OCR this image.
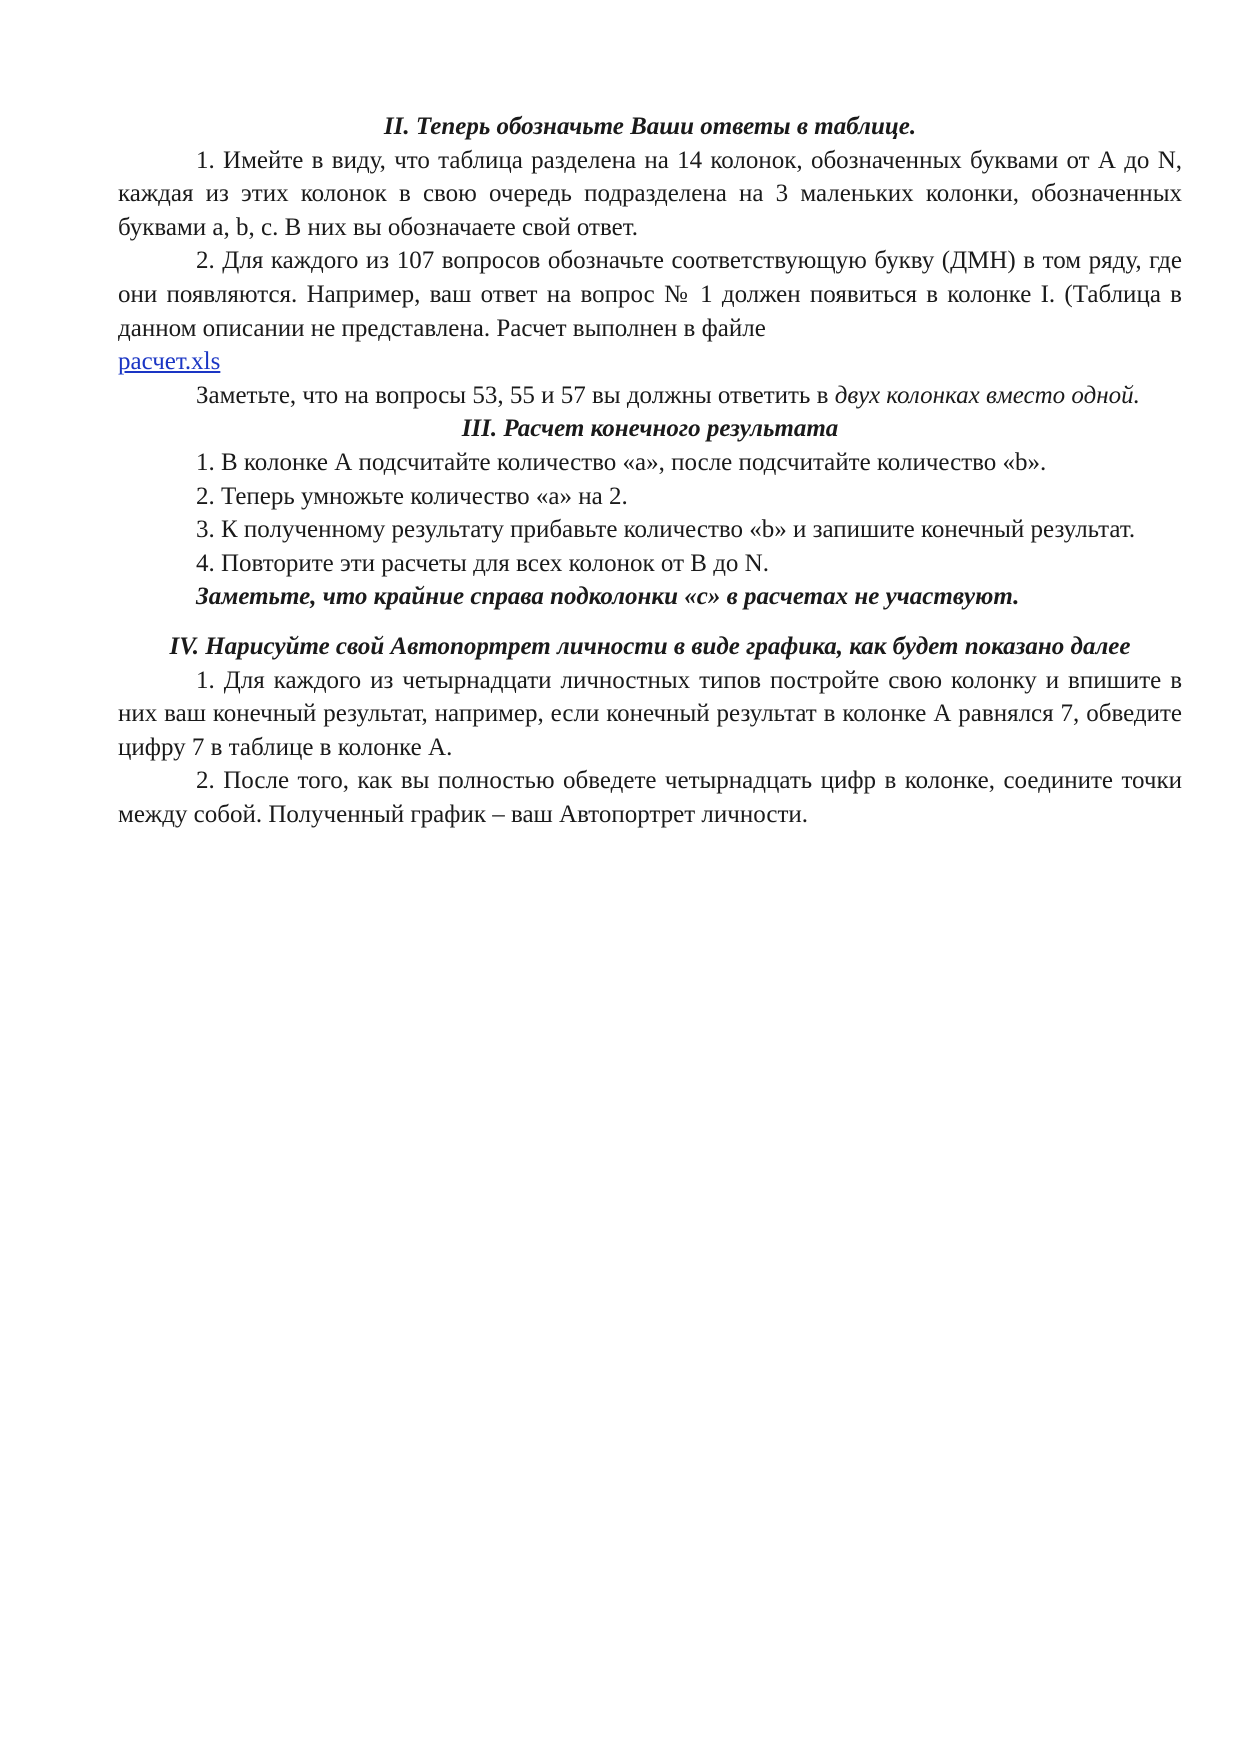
II. Теперь обозначьте Ваши ответы в таблице.

1. Имейте в виду, что таблица разделена на 14 колонок, обозначенных буквами от А до N, каждая из этих колонок в свою очередь подразделена на 3 маленьких колонки, обозначенных буквами a, b, c. В них вы обозначаете свой ответ.

2. Для каждого из 107 вопросов обозначьте соответствующую букву (ДМН) в том ряду, где они появляются. Например, ваш ответ на вопрос № 1 должен появиться в колонке I. (Таблица в данном описании не представлена. Расчет выполнен в файле

расчет.xls

Заметьте, что на вопросы 53, 55 и 57 вы должны ответить в двух колонках вместо одной.

III. Расчет конечного результата

1. В колонке А подсчитайте количество «а», после подсчитайте количество «b».

2. Теперь умножьте количество «а» на 2.

3. К полученному результату прибавьте количество «b» и запишите конечный результат.

4. Повторите эти расчеты для всех колонок от В до N.

Заметьте, что крайние справа подколонки «с» в расчетах не участвуют.

IV. Нарисуйте свой Автопортрет личности в виде графика, как будет показано далее

1. Для каждого из четырнадцати личностных типов постройте свою колонку и впишите в них ваш конечный результат, например, если конечный результат в колонке А равнялся 7, обведите цифру 7 в таблице в колонке А.

2. После того, как вы полностью обведете четырнадцать цифр в колонке, соедините точки между собой. Полученный график – ваш Автопортрет личности.
